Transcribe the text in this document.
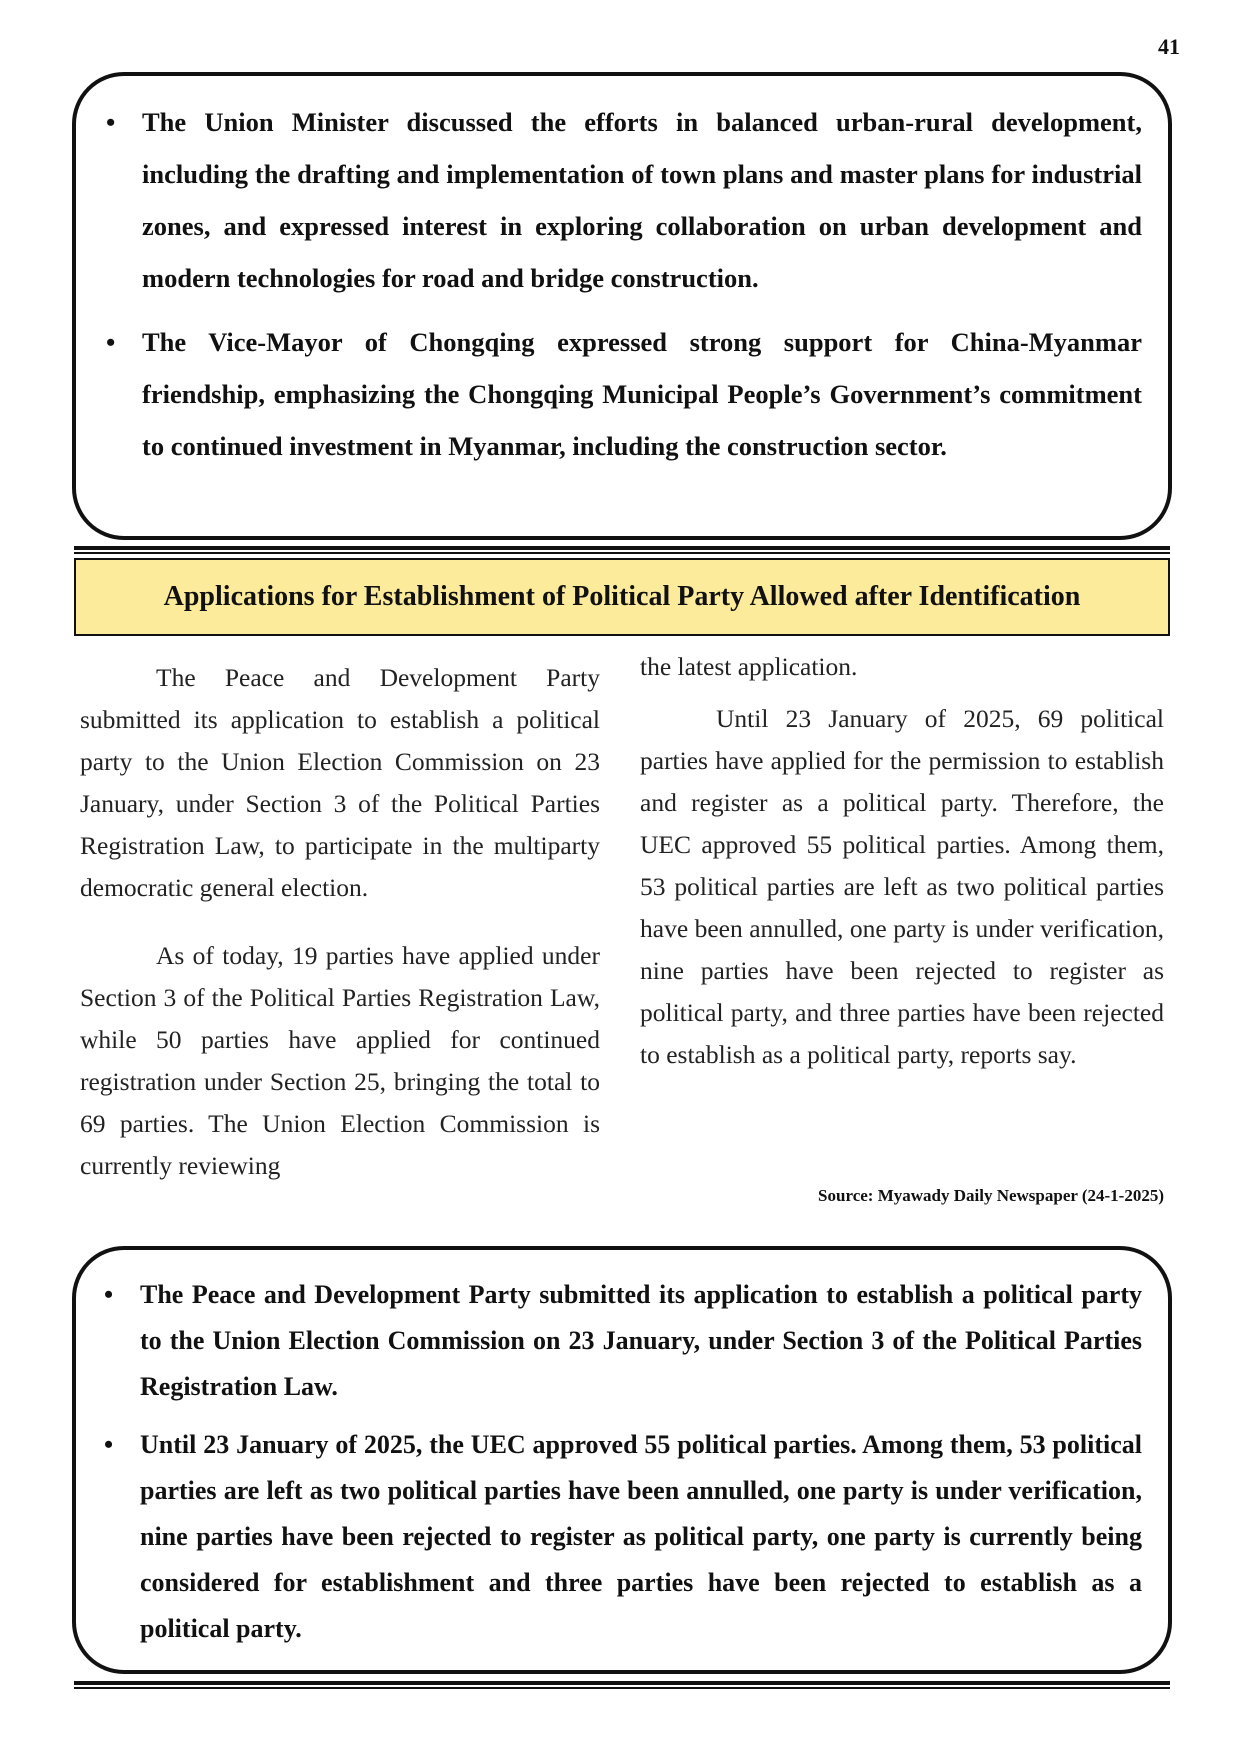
41
• The Union Minister discussed the efforts in balanced urban-rural development, including the drafting and implementation of town plans and master plans for industrial zones, and expressed interest in exploring collaboration on urban development and modern technologies for road and bridge construction.
• The Vice-Mayor of Chongqing expressed strong support for China-Myanmar friendship, emphasizing the Chongqing Municipal People’s Government’s commitment to continued investment in Myanmar, including the construction sector.
Applications for Establishment of Political Party Allowed after Identification

The Peace and Development Party submitted its application to establish a political party to the Union Election Commission on 23 January, under Section 3 of the Political Parties Registration Law, to participate in the multiparty democratic general election.

As of today, 19 parties have applied under Section 3 of the Political Parties Registration Law, while 50 parties have applied for continued registration under Section 25, bringing the total to 69 parties. The Union Election Commission is currently reviewing

the latest application.

Until 23 January of 2025, 69 political parties have applied for the permission to establish and register as a political party. Therefore, the UEC approved 55 political parties. Among them, 53 political parties are left as two political parties have been annulled, one party is under verification, nine parties have been rejected to register as political party, and three parties have been rejected to establish as a political party, reports say.

Source: Myawady Daily Newspaper (24-1-2025)
• The Peace and Development Party submitted its application to establish a political party to the Union Election Commission on 23 January, under Section 3 of the Political Parties Registration Law.
• Until 23 January of 2025, the UEC approved 55 political parties. Among them, 53 political parties are left as two political parties have been annulled, one party is under verification, nine parties have been rejected to register as political party, one party is currently being considered for establishment and three parties have been rejected to establish as a political party.
